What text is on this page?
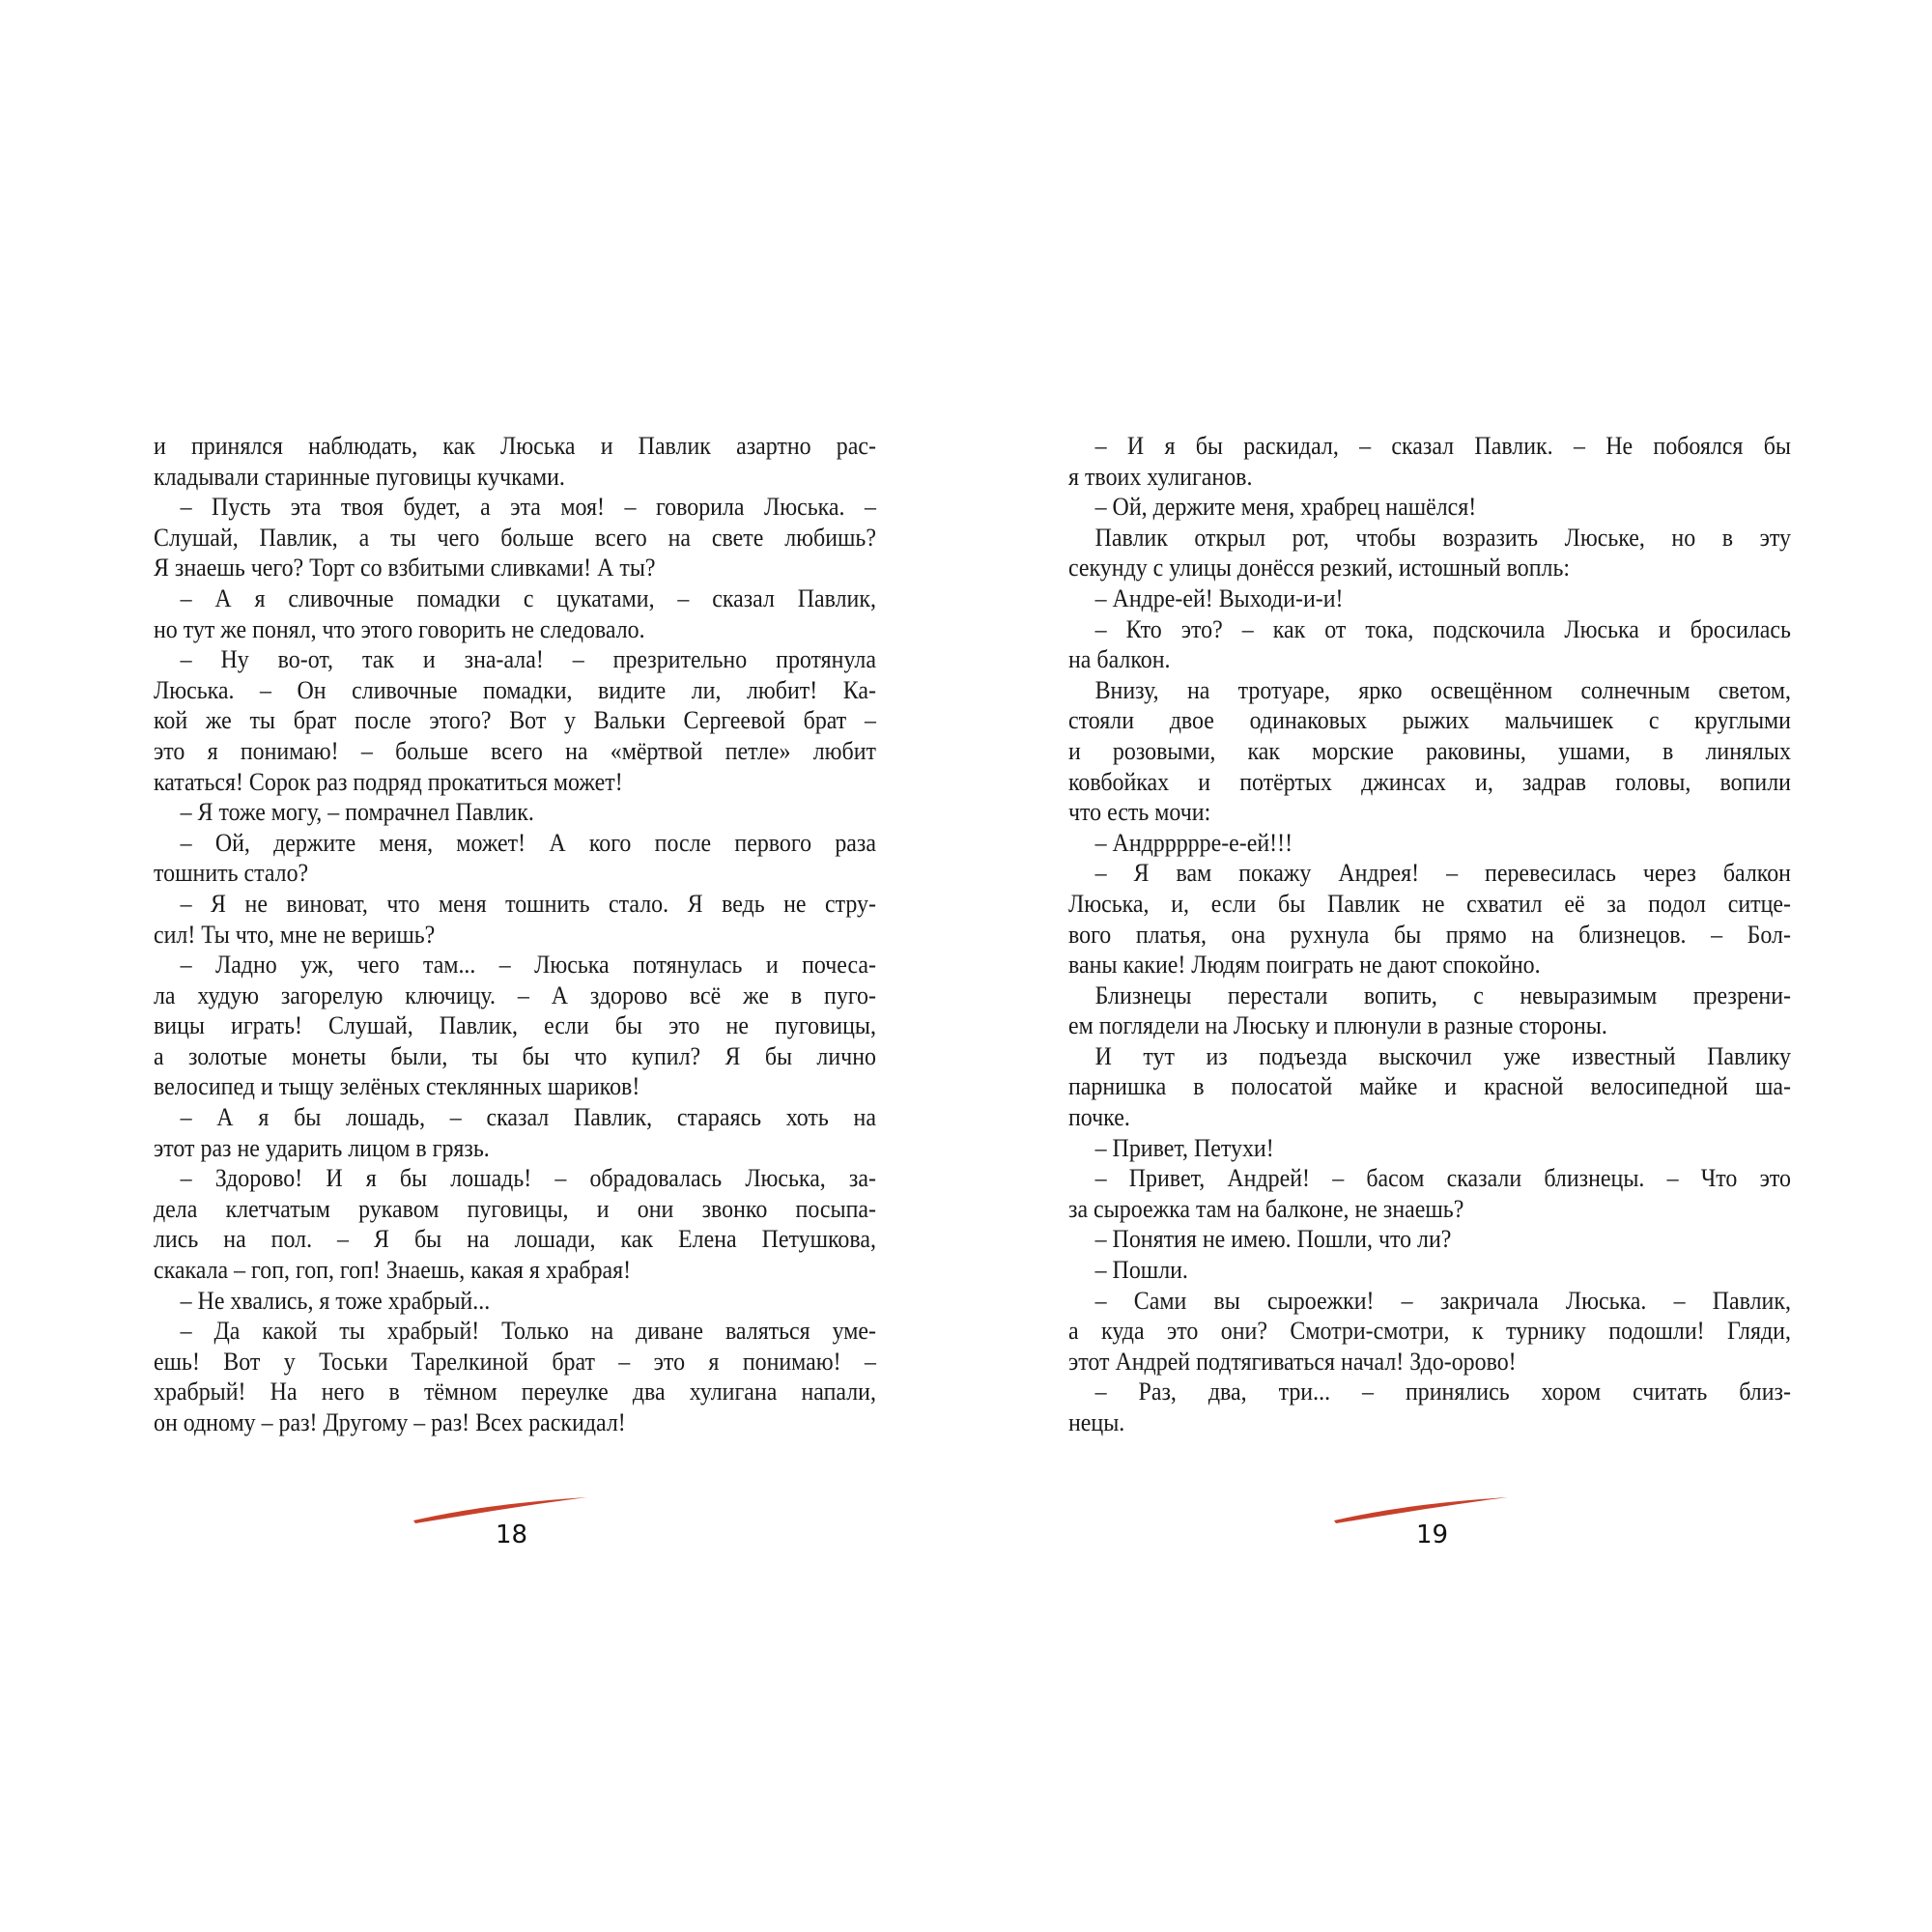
и принялся наблюдать, как Люська и Павлик азартно рас-
кладывали старинные пуговицы кучками.
– Пусть эта твоя будет, а эта моя! – говорила Люська. –
Слушай, Павлик, а ты чего больше всего на свете любишь?
Я знаешь чего? Торт со взбитыми сливками! А ты?
– А я сливочные помадки с цукатами, – сказал Павлик,
но тут же понял, что этого говорить не следовало.
– Ну во-от, так и зна-ала! – презрительно протянула
Люська. – Он сливочные помадки, видите ли, любит! Ка-
кой же ты брат после этого? Вот у Вальки Сергеевой брат –
это я понимаю! – больше всего на «мёртвой петле» любит
кататься! Сорок раз подряд прокатиться может!
– Я тоже могу, – помрачнел Павлик.
– Ой, держите меня, может! А кого после первого раза
тошнить стало?
– Я не виноват, что меня тошнить стало. Я ведь не стру-
сил! Ты что, мне не веришь?
– Ладно уж, чего там... – Люська потянулась и почеса-
ла худую загорелую ключицу. – А здорово всё же в пуго-
вицы играть! Слушай, Павлик, если бы это не пуговицы,
а золотые монеты были, ты бы что купил? Я бы лично
велосипед и тыщу зелёных стеклянных шариков!
– А я бы лошадь, – сказал Павлик, стараясь хоть на
этот раз не ударить лицом в грязь.
– Здорово! И я бы лошадь! – обрадовалась Люська, за-
дела клетчатым рукавом пуговицы, и они звонко посыпа-
лись на пол. – Я бы на лошади, как Елена Петушкова,
скакала – гоп, гоп, гоп! Знаешь, какая я храбрая!
– Не хвались, я тоже храбрый...
– Да какой ты храбрый! Только на диване валяться уме-
ешь! Вот у Тоськи Тарелкиной брат – это я понимаю! –
храбрый! На него в тёмном переулке два хулигана напали,
он одному – раз! Другому – раз! Всех раскидал!
– И я бы раскидал, – сказал Павлик. – Не побоялся бы
я твоих хулиганов.
– Ой, держите меня, храбрец нашёлся!
Павлик открыл рот, чтобы возразить Люське, но в эту
секунду с улицы донёсся резкий, истошный вопль:
– Андре-ей! Выходи-и-и!
– Кто это? – как от тока, подскочила Люська и бросилась
на балкон.
Внизу, на тротуаре, ярко освещённом солнечным светом,
стояли двое одинаковых рыжих мальчишек с круглыми
и розовыми, как морские раковины, ушами, в линялых
ковбойках и потёртых джинсах и, задрав головы, вопили
что есть мочи:
– Андррррре-е-ей!!!
– Я вам покажу Андрея! – перевесилась через балкон
Люська, и, если бы Павлик не схватил её за подол ситце-
вого платья, она рухнула бы прямо на близнецов. – Бол-
ваны какие! Людям поиграть не дают спокойно.
Близнецы перестали вопить, с невыразимым презрени-
ем поглядели на Люську и плюнули в разные стороны.
И тут из подъезда выскочил уже известный Павлику
парнишка в полосатой майке и красной велосипедной ша-
почке.
– Привет, Петухи!
– Привет, Андрей! – басом сказали близнецы. – Что это
за сыроежка там на балконе, не знаешь?
– Понятия не имею. Пошли, что ли?
– Пошли.
– Сами вы сыроежки! – закричала Люська. – Павлик,
а куда это они? Смотри-смотри, к турнику подошли! Гляди,
этот Андрей подтягиваться начал! Здо-орово!
– Раз, два, три... – принялись хором считать близ-
нецы.
18	19
